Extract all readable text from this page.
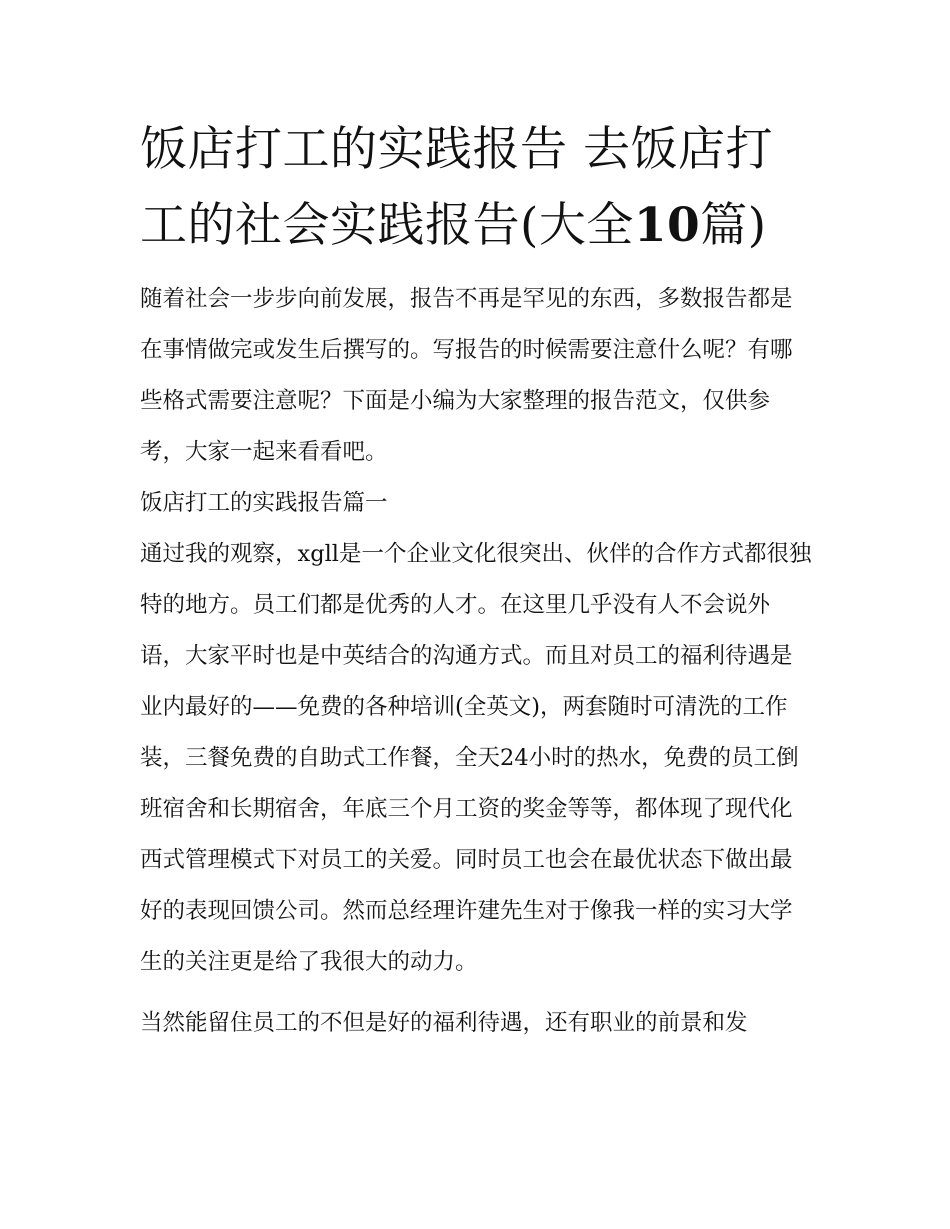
饭店打工的实践报告 去饭店打工的社会实践报告(大全10篇)

随着社会一步步向前发展，报告不再是罕见的东西，多数报告都是在事情做完或发生后撰写的。写报告的时候需要注意什么呢？有哪些格式需要注意呢？下面是小编为大家整理的报告范文，仅供参考，大家一起来看看吧。

饭店打工的实践报告篇一

通过我的观察，xgll是一个企业文化很突出、伙伴的合作方式都很独特的地方。员工们都是优秀的人才。在这里几乎没有人不会说外语，大家平时也是中英结合的沟通方式。而且对员工的福利待遇是业内最好的——免费的各种培训(全英文)，两套随时可清洗的工作装，三餐免费的自助式工作餐，全天24小时的热水，免费的员工倒班宿舍和长期宿舍，年底三个月工资的奖金等等，都体现了现代化西式管理模式下对员工的关爱。同时员工也会在最优状态下做出最好的表现回馈公司。然而总经理许建先生对于像我一样的实习大学生的关注更是给了我很大的动力。

当然能留住员工的不但是好的福利待遇，还有职业的前景和发
